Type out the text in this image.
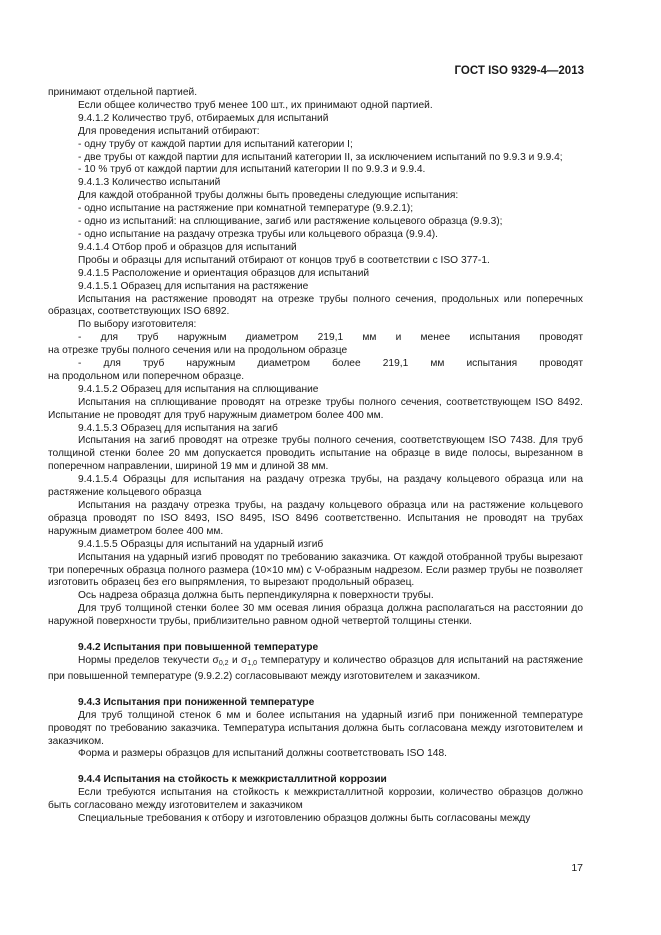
ГОСТ ISO 9329-4—2013

принимают отдельной партией.

Если общее количество труб менее 100 шт., их принимают одной партией.

9.4.1.2 Количество труб, отбираемых для испытаний

Для проведения испытаний отбирают:

- одну трубу от каждой партии для испытаний категории I;

- две трубы от каждой партии для испытаний категории II, за исключением испытаний по 9.9.3 и 9.9.4;

- 10 % труб от каждой партии для испытаний категории II по 9.9.3 и 9.9.4.

9.4.1.3 Количество испытаний

Для каждой отобранной трубы должны быть проведены следующие испытания:

- одно испытание на растяжение при комнатной температуре (9.9.2.1);

- одно из испытаний: на сплющивание, загиб или растяжение кольцевого образца (9.9.3);

- одно испытание на раздачу отрезка трубы или кольцевого образца (9.9.4).

9.4.1.4 Отбор проб и образцов для испытаний

Пробы и образцы для испытаний отбирают от концов труб в соответствии с ISO 377-1.

9.4.1.5 Расположение и ориентация образцов для испытаний

9.4.1.5.1 Образец для испытания на растяжение

Испытания на растяжение проводят на отрезке трубы полного сечения, продольных или поперечных образцах, соответствующих ISO 6892.

По выбору изготовителя:

- для труб наружным диаметром 219,1 мм и менее испытания проводят

на отрезке трубы полного сечения или на продольном образце

- для труб наружным диаметром более 219,1 мм испытания проводят

на продольном или поперечном образце.

9.4.1.5.2 Образец для испытания на сплющивание

Испытания на сплющивание проводят на отрезке трубы полного сечения, соответствующем ISO 8492. Испытание не проводят для труб наружным диаметром более 400 мм.

9.4.1.5.3 Образец для испытания на загиб

Испытания на загиб проводят на отрезке трубы полного сечения, соответствующем ISO 7438. Для труб толщиной стенки более 20 мм допускается проводить испытание на образце в виде полосы, вырезанном в поперечном направлении, шириной 19 мм и длиной 38 мм.

9.4.1.5.4 Образцы для испытания на раздачу отрезка трубы, на раздачу кольцевого образца или на растяжение кольцевого образца

Испытания на раздачу отрезка трубы, на раздачу кольцевого образца или на растяжение кольцевого образца проводят по ISO 8493, ISO 8495, ISO 8496 соответственно. Испытания не проводят на трубах наружным диаметром более 400 мм.

9.4.1.5.5 Образцы для испытаний на ударный изгиб

Испытания на ударный изгиб проводят по требованию заказчика. От каждой отобранной трубы вырезают три поперечных образца полного размера (10×10 мм) с V-образным надрезом. Если размер трубы не позволяет изготовить образец без его выпрямления, то вырезают продольный образец.

Ось надреза образца должна быть перпендикулярна к поверхности трубы.

Для труб толщиной стенки более 30 мм осевая линия образца должна располагаться на расстоянии до наружной поверхности трубы, приблизительно равном одной четвертой толщины стенки.

9.4.2 Испытания при повышенной температуре

Нормы пределов текучести $\sigma_{0,2}$ и $\sigma_{1,0}$ температуру и количество образцов для испытаний на растяжение при повышенной температуре (9.9.2.2) согласовывают между изготовителем и заказчиком.

9.4.3 Испытания при пониженной температуре

Для труб толщиной стенок 6 мм и более испытания на ударный изгиб при пониженной температуре проводят по требованию заказчика. Температура испытания должна быть согласована между изготовителем и заказчиком.

Форма и размеры образцов для испытаний должны соответствовать ISO 148.

9.4.4 Испытания на стойкость к межкристаллитной коррозии

Если требуются испытания на стойкость к межкристаллитной коррозии, количество образцов должно быть согласовано между изготовителем и заказчиком

Специальные требования к отбору и изготовлению образцов должны быть согласованы между

17
